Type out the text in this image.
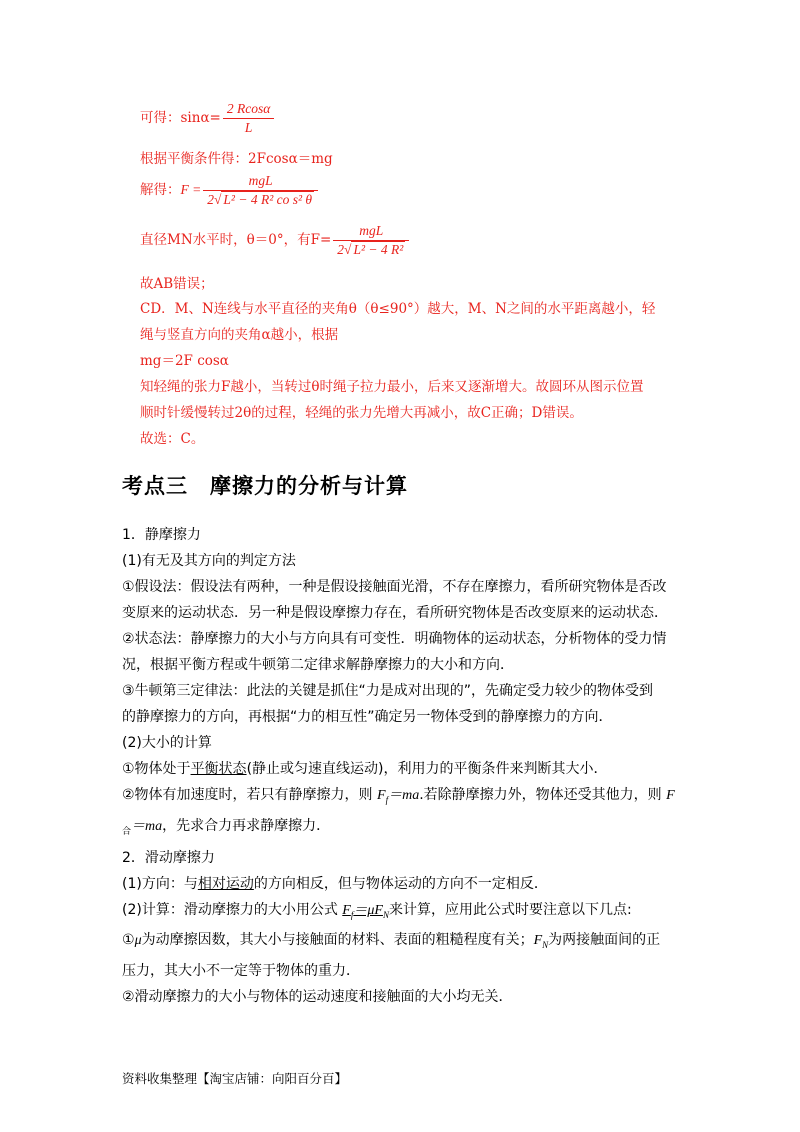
可得：$\sin\alpha= \frac{2 Rcos\alpha}{L}$
根据平衡条件得：2Fcosα＝mg
解得：$F = \frac{\text{mgL}}{\text{2√ L² − 4 R² co s² θ}}$
直径MN水平时，θ＝0°，有$F= \frac{\text{mgL}}{\text{2√ L² − 4 R²}}$
故AB错误；
CD．M、N连线与水平直径的夹角θ（θ≤90°）越大，M、N之间的水平距离越小，轻
绳与竖直方向的夹角α越小，根据
mg＝2F cosα
知轻绳的张力F越小，当转过θ时绳子拉力最小，后来又逐渐增大。故圆环从图示位置
顺时针缓慢转过2θ的过程，轻绳的张力先增大再减小，故C正确；D错误。
故选：C。
考点三　摩擦力的分析与计算

1．静摩擦力

(1)有无及其方向的判定方法

①假设法：假设法有两种，一种是假设接触面光滑，不存在摩擦力，看所研究物体是否改

变原来的运动状态．另一种是假设摩擦力存在，看所研究物体是否改变原来的运动状态．

②状态法：静摩擦力的大小与方向具有可变性．明确物体的运动状态，分析物体的受力情

况，根据平衡方程或牛顿第二定律求解静摩擦力的大小和方向．

③牛顿第三定律法：此法的关键是抓住“力是成对出现的”，先确定受力较少的物体受到

的静摩擦力的方向，再根据“力的相互性”确定另一物体受到的静摩擦力的方向．

(2)大小的计算

①物体处于平衡状态(静止或匀速直线运动)，利用力的平衡条件来判断其大小．

②物体有加速度时，若只有静摩擦力，则 $F_f=ma$.若除静摩擦力外，物体还受其他力，则 F

$_合$＝ma，先求合力再求静摩擦力．

2．滑动摩擦力

(1)方向：与相对运动的方向相反，但与物体运动的方向不一定相反．

(2)计算：滑动摩擦力的大小用公式 $F_f=\mu F_N$来计算，应用此公式时要注意以下几点:

①μ为动摩擦因数，其大小与接触面的材料、表面的粗糙程度有关；$F_N$为两接触面间的正

压力，其大小不一定等于物体的重力．

②滑动摩擦力的大小与物体的运动速度和接触面的大小均无关．

资料收集整理【淘宝店铺：向阳百分百】
